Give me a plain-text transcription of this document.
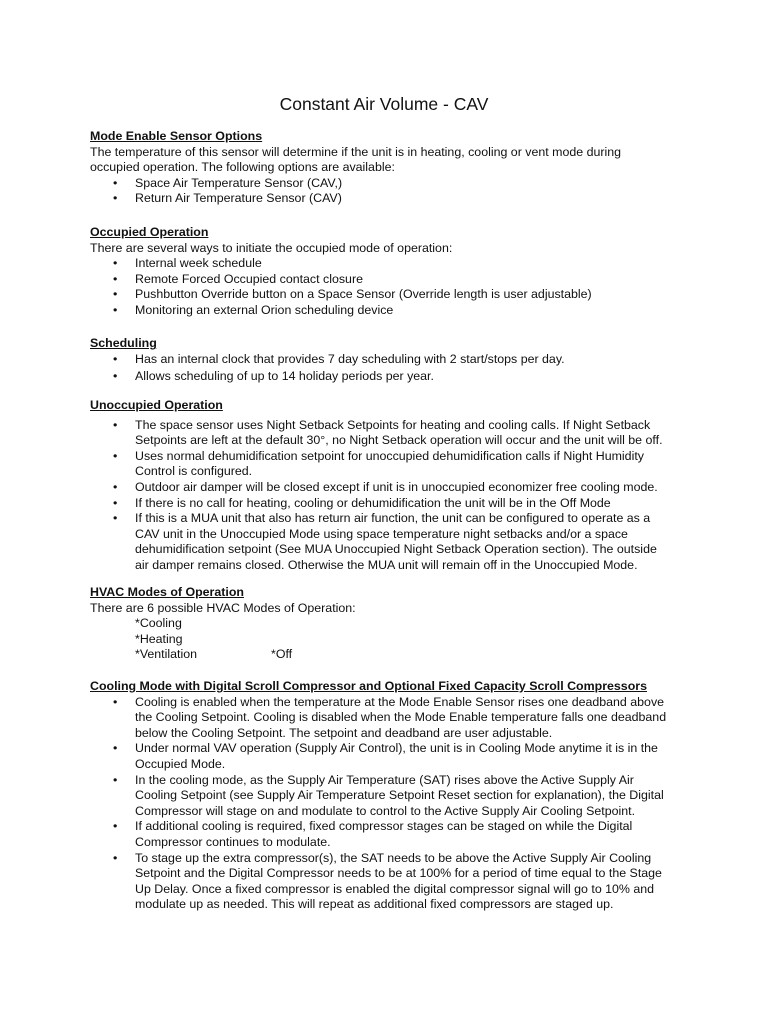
Constant Air Volume - CAV

Mode Enable Sensor Options

The temperature of this sensor will determine if the unit is in heating, cooling or vent mode during

occupied operation. The following options are available:

• Space Air Temperature Sensor (CAV,)
• Return Air Temperature Sensor (CAV)

Occupied Operation

There are several ways to initiate the occupied mode of operation:

• Internal week schedule
• Remote Forced Occupied contact closure
• Pushbutton Override button on a Space Sensor (Override length is user adjustable)
• Monitoring an external Orion scheduling device

Scheduling

• Has an internal clock that provides 7 day scheduling with 2 start/stops per day.
• Allows scheduling of up to 14 holiday periods per year.

Unoccupied Operation

• The space sensor uses Night Setback Setpoints for heating and cooling calls. If Night Setback
Setpoints are left at the default 30°, no Night Setback operation will occur and the unit will be off.
• Uses normal dehumidification setpoint for unoccupied dehumidification calls if Night Humidity
Control is configured.
• Outdoor air damper will be closed except if unit is in unoccupied economizer free cooling mode.
• If there is no call for heating, cooling or dehumidification the unit will be in the Off Mode
• If this is a MUA unit that also has return air function, the unit can be configured to operate as a
CAV unit in the Unoccupied Mode using space temperature night setbacks and/or a space
dehumidification setpoint (See MUA Unoccupied Night Setback Operation section). The outside
air damper remains closed. Otherwise the MUA unit will remain off in the Unoccupied Mode.

HVAC Modes of Operation

There are 6 possible HVAC Modes of Operation:

*Cooling
*Heating
*Ventilation	*Off

Cooling Mode with Digital Scroll Compressor and Optional Fixed Capacity Scroll Compressors

• Cooling is enabled when the temperature at the Mode Enable Sensor rises one deadband above
the Cooling Setpoint. Cooling is disabled when the Mode Enable temperature falls one deadband
below the Cooling Setpoint. The setpoint and deadband are user adjustable.
• Under normal VAV operation (Supply Air Control), the unit is in Cooling Mode anytime it is in the
Occupied Mode.
• In the cooling mode, as the Supply Air Temperature (SAT) rises above the Active Supply Air
Cooling Setpoint (see Supply Air Temperature Setpoint Reset section for explanation), the Digital
Compressor will stage on and modulate to control to the Active Supply Air Cooling Setpoint.
• If additional cooling is required, fixed compressor stages can be staged on while the Digital
Compressor continues to modulate.
• To stage up the extra compressor(s), the SAT needs to be above the Active Supply Air Cooling
Setpoint and the Digital Compressor needs to be at 100% for a period of time equal to the Stage
Up Delay. Once a fixed compressor is enabled the digital compressor signal will go to 10% and
modulate up as needed. This will repeat as additional fixed compressors are staged up.
